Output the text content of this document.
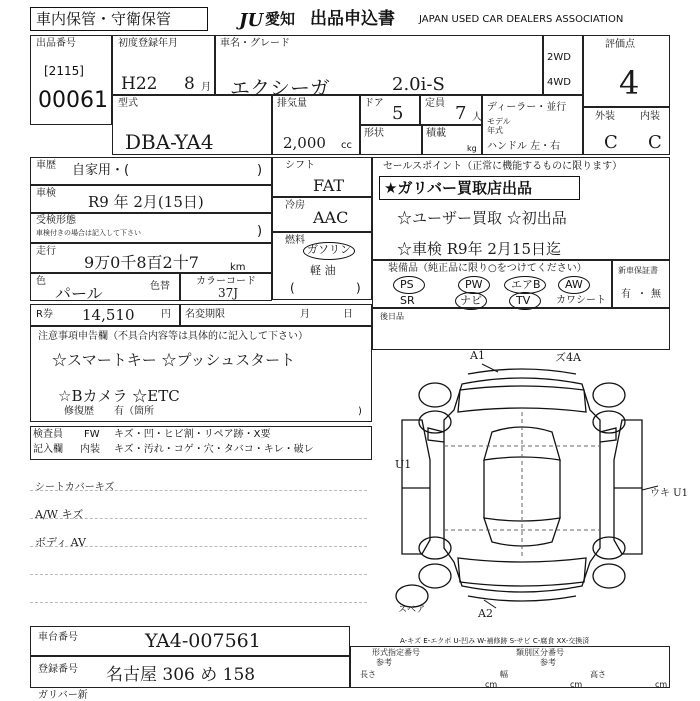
車内保管・守衛保管	JU 愛知 出品申込書 JAPAN USED CAR DEALERS ASSOCIATION
出品番号
[2115]
00061
初度登録年月
H22 8 月
車名・グレード
エクシーガ	2.0i-S
2WD
4WD
評価点
4
型式
DBA-YA4
排気量
2,000 cc
ドア 5 定員 7 人
形状	積載
kg
ディーラー・並行
モデル
年式
ハンドル 左・右
外装	内装
C C
車歴 自家用・(	)
車検 R9 年 2月(15日)
受検形態
車検付きの場合は記入して下さい	)
走行
9万0千8百2十7	km
色
パール	色替	カラーコード
37J
シフト
FAT
冷房
AAC
燃料
ガソリン
軽 油
(	)
セールスポイント（正常に機能するものに限ります）
★ガリバー買取店出品
☆ユーザー買取 ☆初出品
☆車検 R9年 2月15日迄
装備品（純正品に限り○をつけてください）
PS	PW	エアB AW
SR	ナビ	TV	カワシート
新車保証書
有 ・ 無
後日品
R券 14,510	円 名変期限	月	日
注意事項申告欄（不具合内容等は具体的に記入して下さい）
☆スマートキー ☆プッシュスタート
☆Bカメラ ☆ETC
修復歴 有（箇所	)
検査員
記入欄
FW キズ・凹・ヒビ割・リペア跡・X要
内装 キズ・汚れ・コゲ・穴・タバコ・キレ・破レ
シートカバーキズ
A/W キズ
ボディ AV
A1	ズ4A
U1
ウキ U1
A2
スペア
A-キズ E-エクボ U-凹み W-補修跡 S-サビ C-腐食 XX-交換済
車台番号	YA4-007561
登録番号 名古屋 306 め 158
ガリバー新
形式指定番号	類別区分番号
参考	参考
長さ	幅	高さ
cm	cm	cm
